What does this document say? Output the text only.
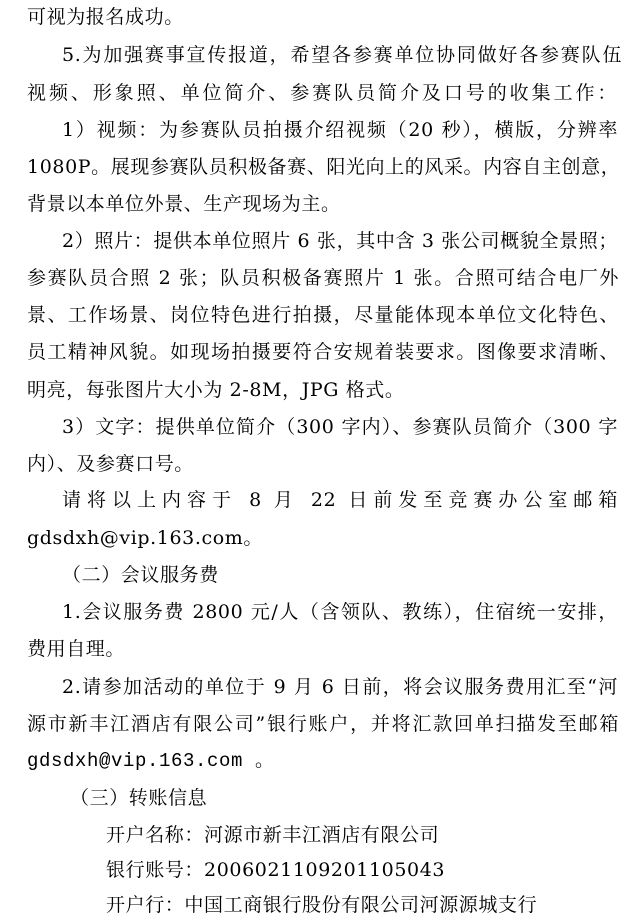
可视为报名成功。
5.为加强赛事宣传报道，希望各参赛单位协同做好各参赛队伍
视频、形象照、单位简介、参赛队员简介及口号的收集工作：
1）视频：为参赛队员拍摄介绍视频（20 秒），横版，分辨率
1080P。展现参赛队员积极备赛、阳光向上的风采。内容自主创意，
背景以本单位外景、生产现场为主。
2）照片：提供本单位照片 6 张，其中含 3 张公司概貌全景照；
参赛队员合照 2 张；队员积极备赛照片 1 张。合照可结合电厂外
景、工作场景、岗位特色进行拍摄，尽量能体现本单位文化特色、
员工精神风貌。如现场拍摄要符合安规着装要求。图像要求清晰、
明亮，每张图片大小为 2-8M，JPG 格式。
3）文字：提供单位简介（300 字内）、参赛队员简介（300 字
内）、及参赛口号。
请将以上内容于 8 月 22 日前发至竞赛办公室邮箱
gdsdxh@vip.163.com。
（二）会议服务费
1.会议服务费 2800 元/人（含领队、教练），住宿统一安排，
费用自理。
2.请参加活动的单位于 9 月 6 日前，将会议服务费用汇至“河
源市新丰江酒店有限公司”银行账户，并将汇款回单扫描发至邮箱
gdsdxh@vip.163.com 。
（三）转账信息
开户名称：河源市新丰江酒店有限公司
银行账号：2006021109201105043
开户行：中国工商银行股份有限公司河源源城支行
